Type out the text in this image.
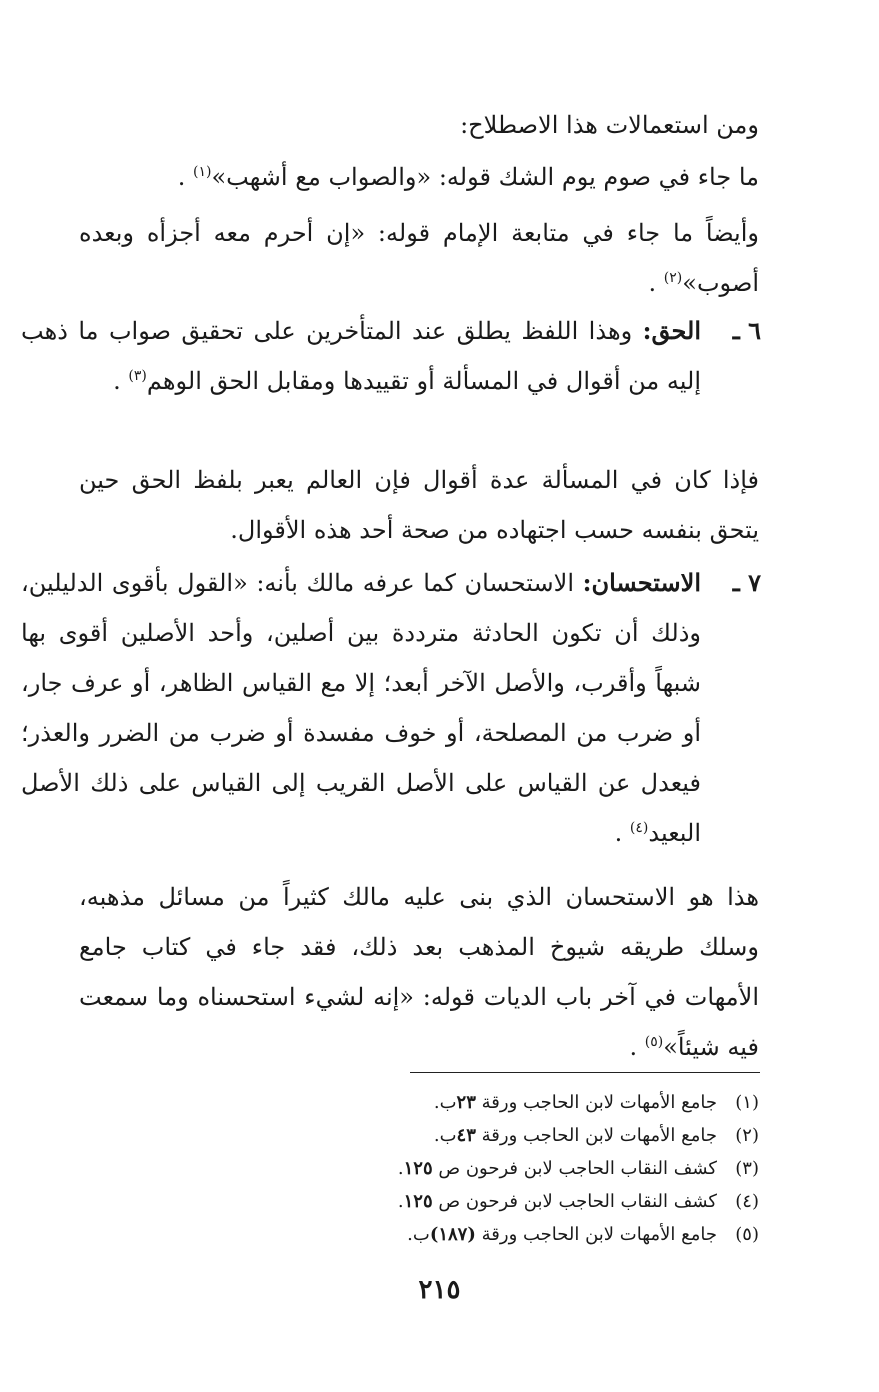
ومن استعمالات هذا الاصطلاح:

ما جاء في صوم يوم الشك قوله: «والصواب مع أشهب»$^{(١)}$ .

وأيضاً ما جاء في متابعة الإمام قوله: «إن أحرم معه أجزأه وبعده أصوب»$^{(٢)}$ .

٦ ـ
الحق: وهذا اللفظ يطلق عند المتأخرين على تحقيق صواب ما ذهب إليه من أقوال في المسألة أو تقييدها ومقابل الحق الوهم$^{(٣)}$ .

فإذا كان في المسألة عدة أقوال فإن العالم يعبر بلفظ الحق حين يتحق بنفسه حسب اجتهاده من صحة أحد هذه الأقوال.

٧ ـ
الاستحسان: الاستحسان كما عرفه مالك بأنه: «القول بأقوى الدليلين، وذلك أن تكون الحادثة مترددة بين أصلين، وأحد الأصلين أقوى بها شبهاً وأقرب، والأصل الآخر أبعد؛ إلا مع القياس الظاهر، أو عرف جار، أو ضرب من المصلحة، أو خوف مفسدة أو ضرب من الضرر والعذر؛ فيعدل عن القياس على الأصل القريب إلى القياس على ذلك الأصل البعيد$^{(٤)}$ .

هذا هو الاستحسان الذي بنى عليه مالك كثيراً من مسائل مذهبه، وسلك طريقه شيوخ المذهب بعد ذلك، فقد جاء في كتاب جامع الأمهات في آخر باب الديات قوله: «إنه لشيء استحسناه وما سمعت فيه شيئاً»$^{(٥)}$ .

(١)
جامع الأمهات لابن الحاجب ورقة ٢٣ب.
(٢)
جامع الأمهات لابن الحاجب ورقة ٤٣ب.
(٣)
كشف النقاب الحاجب لابن فرحون ص ١٢٥.
(٤)
كشف النقاب الحاجب لابن فرحون ص ١٢٥.
(٥)
جامع الأمهات لابن الحاجب ورقة (١٨٧)ب.
٢١٥
